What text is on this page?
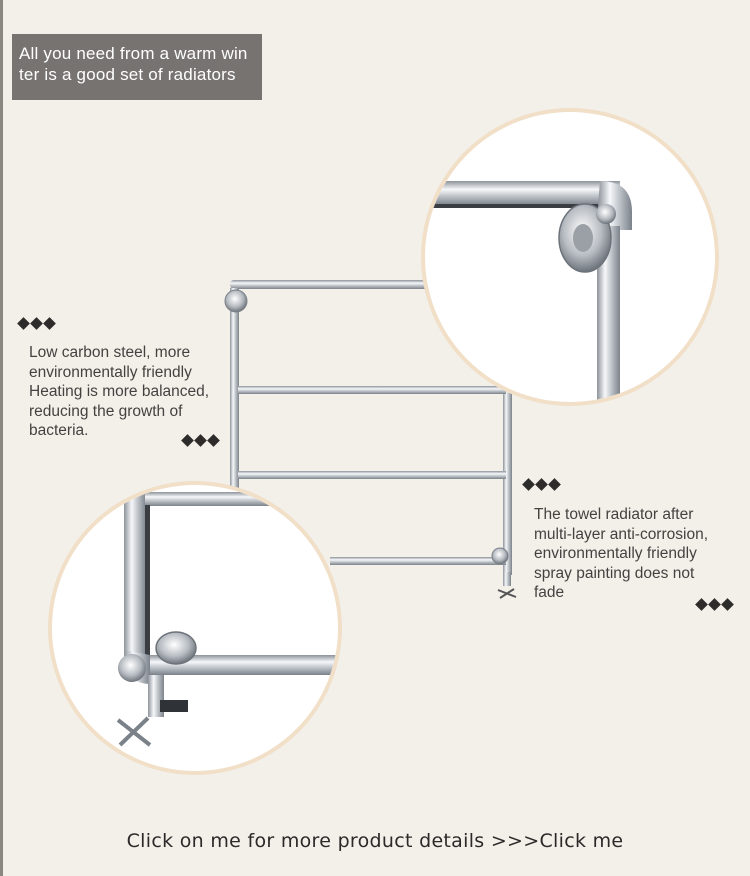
All you need from a warm win
ter is a good set of radiators
Low carbon steel, more
environmentally friendly
Heating is more balanced,
reducing the growth of
bacteria.
The towel radiator after
multi-layer anti-corrosion,
environmentally friendly
spray painting does not
fade
Click on me for more product details >>>Click me
